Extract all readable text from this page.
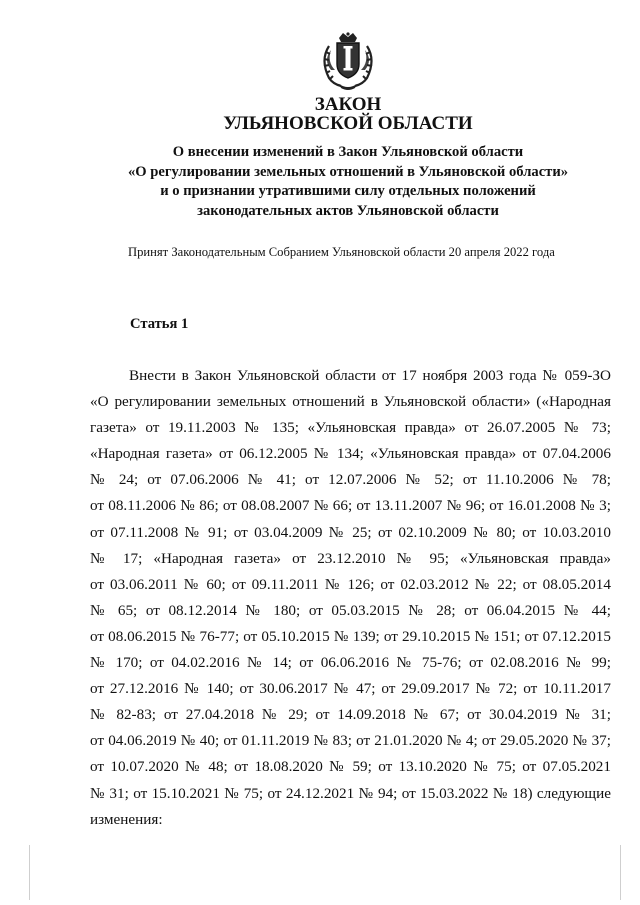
ЗАКОН
УЛЬЯНОВСКОЙ ОБЛАСТИ
О внесении изменений в Закон Ульяновской области
«О регулировании земельных отношений в Ульяновской области»
и о признании утратившими силу отдельных положений
законодательных актов Ульяновской области
Принят Законодательным Собранием Ульяновской области 20 апреля 2022 года
Статья 1
Внести в Закон Ульяновской области от 17 ноября 2003 года № 059-ЗО
«О регулировании земельных отношений в Ульяновской области» («Народная
газета» от 19.11.2003 № 135; «Ульяновская правда» от 26.07.2005 № 73;
«Народная газета» от 06.12.2005 № 134; «Ульяновская правда» от 07.04.2006
№ 24; от 07.06.2006 № 41; от 12.07.2006 № 52; от 11.10.2006 № 78;
от 08.11.2006 № 86; от 08.08.2007 № 66; от 13.11.2007 № 96; от 16.01.2008 № 3;
от 07.11.2008 № 91; от 03.04.2009 № 25; от 02.10.2009 № 80; от 10.03.2010
№ 17; «Народная газета» от 23.12.2010 № 95; «Ульяновская правда»
от 03.06.2011 № 60; от 09.11.2011 № 126; от 02.03.2012 № 22; от 08.05.2014
№ 65; от 08.12.2014 № 180; от 05.03.2015 № 28; от 06.04.2015 № 44;
от 08.06.2015 № 76-77; от 05.10.2015 № 139; от 29.10.2015 № 151; от 07.12.2015
№ 170; от 04.02.2016 № 14; от 06.06.2016 № 75-76; от 02.08.2016 № 99;
от 27.12.2016 № 140; от 30.06.2017 № 47; от 29.09.2017 № 72; от 10.11.2017
№ 82-83; от 27.04.2018 № 29; от 14.09.2018 № 67; от 30.04.2019 № 31;
от 04.06.2019 № 40; от 01.11.2019 № 83; от 21.01.2020 № 4; от 29.05.2020 № 37;
от 10.07.2020 № 48; от 18.08.2020 № 59; от 13.10.2020 № 75; от 07.05.2021
№ 31; от 15.10.2021 № 75; от 24.12.2021 № 94; от 15.03.2022 № 18) следующие
изменения:
